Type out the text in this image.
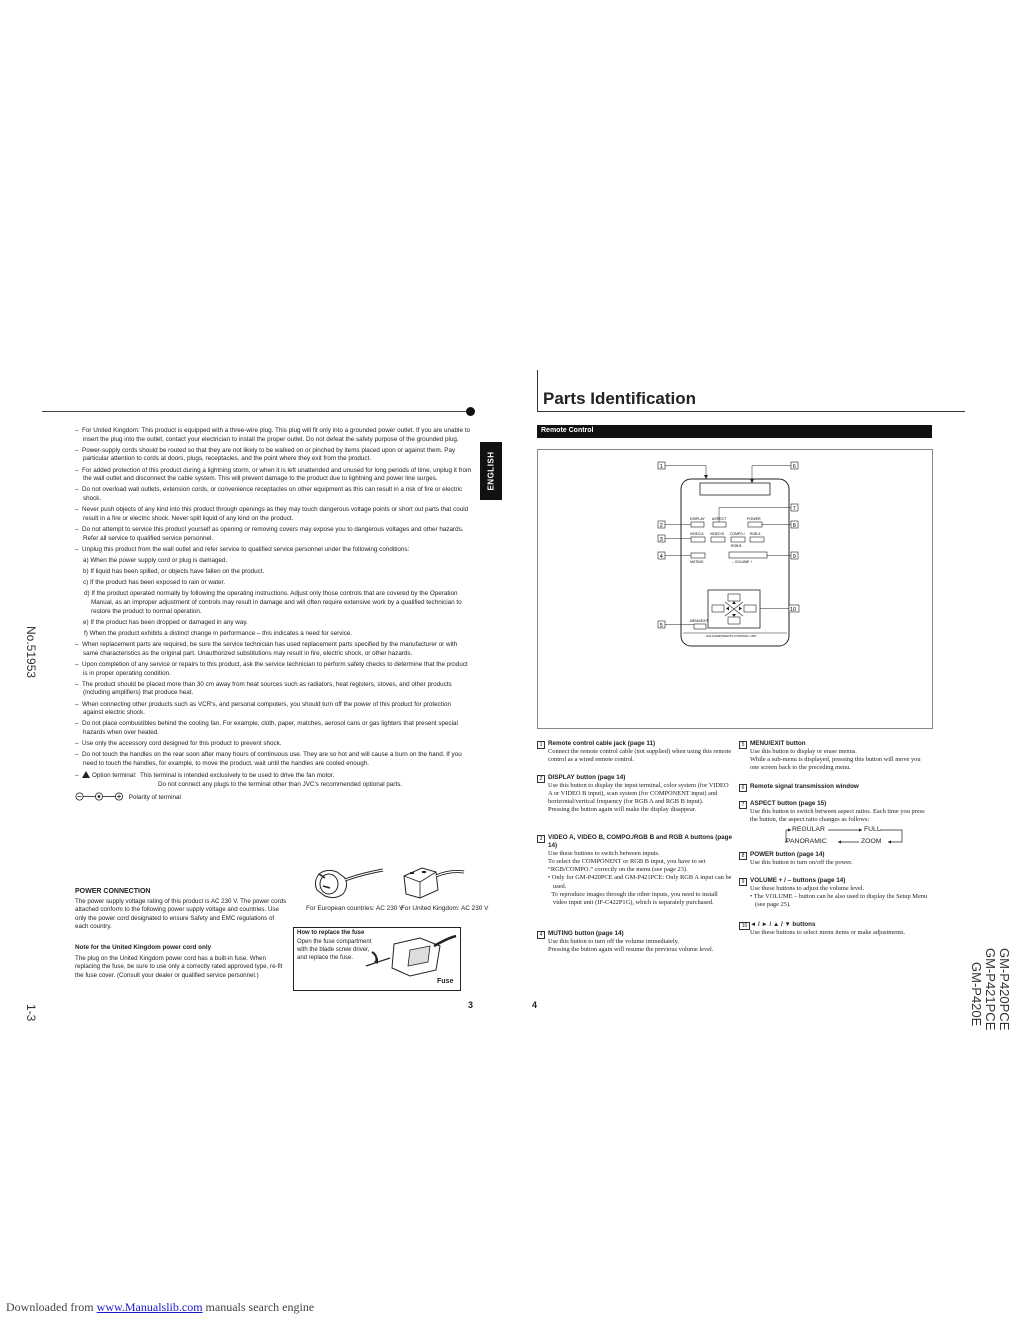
ENGLISH

–  For United Kingdom: This product is equipped with a three-wire plug. This plug will fit only into a grounded power outlet. If you are unable to insert the plug into the outlet, contact your electrician to install the proper outlet. Do not defeat the safety purpose of the grounded plug.

–  Power-supply cords should be routed so that they are not likely to be walked on or pinched by items placed upon or against them. Pay particular attention to cords at doors, plugs, receptacles, and the point where they exit from the product.

–  For added protection of this product during a lightning storm, or when it is left unattended and unused for long periods of time, unplug it from the wall outlet and disconnect the cable system. This will prevent damage to the product due to lightning and power line surges.

–  Do not overload wall outlets, extension cords, or convenience receptacles on other equipment as this can result in a risk of fire or electric shock.

–  Never push objects of any kind into this product through openings as they may touch dangerous voltage points or short out parts that could result in a fire or electric shock. Never spill liquid of any kind on the product.

–  Do not attempt to service this product yourself as opening or removing covers may expose you to dangerous voltages and other hazards. Refer all service to qualified service personnel.

–  Unplug this product from the wall outlet and refer service to qualified service personnel under the following conditions:

a) When the power supply cord or plug is damaged.

b) If liquid has been spilled, or objects have fallen on the product.

c) If the product has been exposed to rain or water.

d) If the product operated normally by following the operating instructions. Adjust only those controls that are covered by the Operation Manual, as an improper adjustment of controls may result in damage and will often require extensive work by a qualified technician to restore the product to normal operation.

e) If the product has been dropped or damaged in any way.

f) When the product exhibits a distinct change in performance – this indicates a need for service.

–  When replacement parts are required, be sure the service technician has used replacement parts specified by the manufacturer or with same characteristics as the original part. Unauthorized substitutions may result in fire, electric shock, or other hazards.

–  Upon completion of any service or repairs to this product, ask the service technician to perform safety checks to determine that the product is in proper operating condition.

–  The product should be placed more than 30 cm away from heat sources such as radiators, heat registers, stoves, and other products (including amplifiers) that produce heat.

–  When connecting other products such as VCR's, and personal computers, you should turn off the power of this product for protection against electric shock.

–  Do not place combustibles behind the cooling fan. For example, cloth, paper, matches, aerosol cans or gas lighters that present special hazards when over heated.

–  Use only the accessory cord designed for this product to prevent shock.

–  Do not touch the handles on the rear soon after many hours of continuous use. They are so hot and will cause a burn on the hand. If you need to touch the handles, for example, to move the product, wait until the handles are cooled enough.

–  Option terminal: This terminal is intended exclusively to be used to drive the fan motor.
Do not connect any plugs to the terminal other than JVC's recommended optional parts.

Polarity of terminal

POWER CONNECTION
The power supply voltage rating of this product is AC 230 V. The power cords attached conform to the following power supply voltage and countries. Use only the power cord designated to ensure Safety and EMC regulations of each country.
Note for the United Kingdom power cord only
The plug on the United Kingdom power cord has a built-in fuse. When replacing the fuse, be sure to use only a correctly rated approved type, re-fit the fuse cover. (Consult your dealer or qualified service personnel.)
For European countries: AC 230 V
For United Kingdom: AC 230 V
How to replace the fuse
Open the fuse compartment with the blade screw driver, and replace the fuse.
Fuse
3
No.51953
1-3
Parts Identification
Remote Control
DISPLAY ASPECT	POWER
VIDEO A VIDEO B COMPO./
RGB B
RGB A
MUTING	– VOLUME +
MENU/EXIT
GM-COMPONENTS CONTROL UNIT
1	6
7
2	8
3
4	9
10
5
1 Remote control cable jack (page 11)
Connect the remote control cable (not supplied) when using this remote control as a wired remote control.
2 DISPLAY button (page 14)
Use this button to display the input terminal, color system (for VIDEO A or VIDEO B input), scan system (for COMPONENT input) and horizontal/vertical frequency (for RGB A and RGB B input).
Pressing the button again will make the display disappear.
3 VIDEO A, VIDEO B, COMPO./RGB B and RGB A buttons (page 14)
Use these buttons to switch between inputs.
To select the COMPONENT or RGB B input, you have to set “RGB/COMPO.” correctly on the menu (see page 23).
• Only for GM-P420PCE and GM-P421PCE: Only RGB A input can be used.
To reproduce images through the other inputs, you need to install video input unit (IF-C422P1G), which is separately purchased.
4 MUTING button (page 14)
Use this button to turn off the volume immediately.
Pressing the button again will resume the previous volume level.
5 MENU/EXIT button
Use this button to display or erase menus.
While a sub-menu is displayed, pressing this button will move you one screen back to the preceding menu.
6 Remote signal transmission window
7 ASPECT button (page 15)
Use this button to switch between aspect ratios. Each time you press the button, the aspect ratio changes as follows:
REGULAR	FULL
PANORAMIC	ZOOM
8 POWER button (page 14)
Use this button to turn on/off the power.
9 VOLUME + / – buttons (page 14)
Use these buttons to adjust the volume level.
• The VOLUME – button can be also used to display the Setup Menu (see page 25).
10 ◄ / ► / ▲ / ▼ buttons
Use these buttons to select menu items or make adjustments.
4	GM-P420PCE
GM-P421PCE
GM-P420E
Downloaded from www.Manualslib.com manuals search engine
